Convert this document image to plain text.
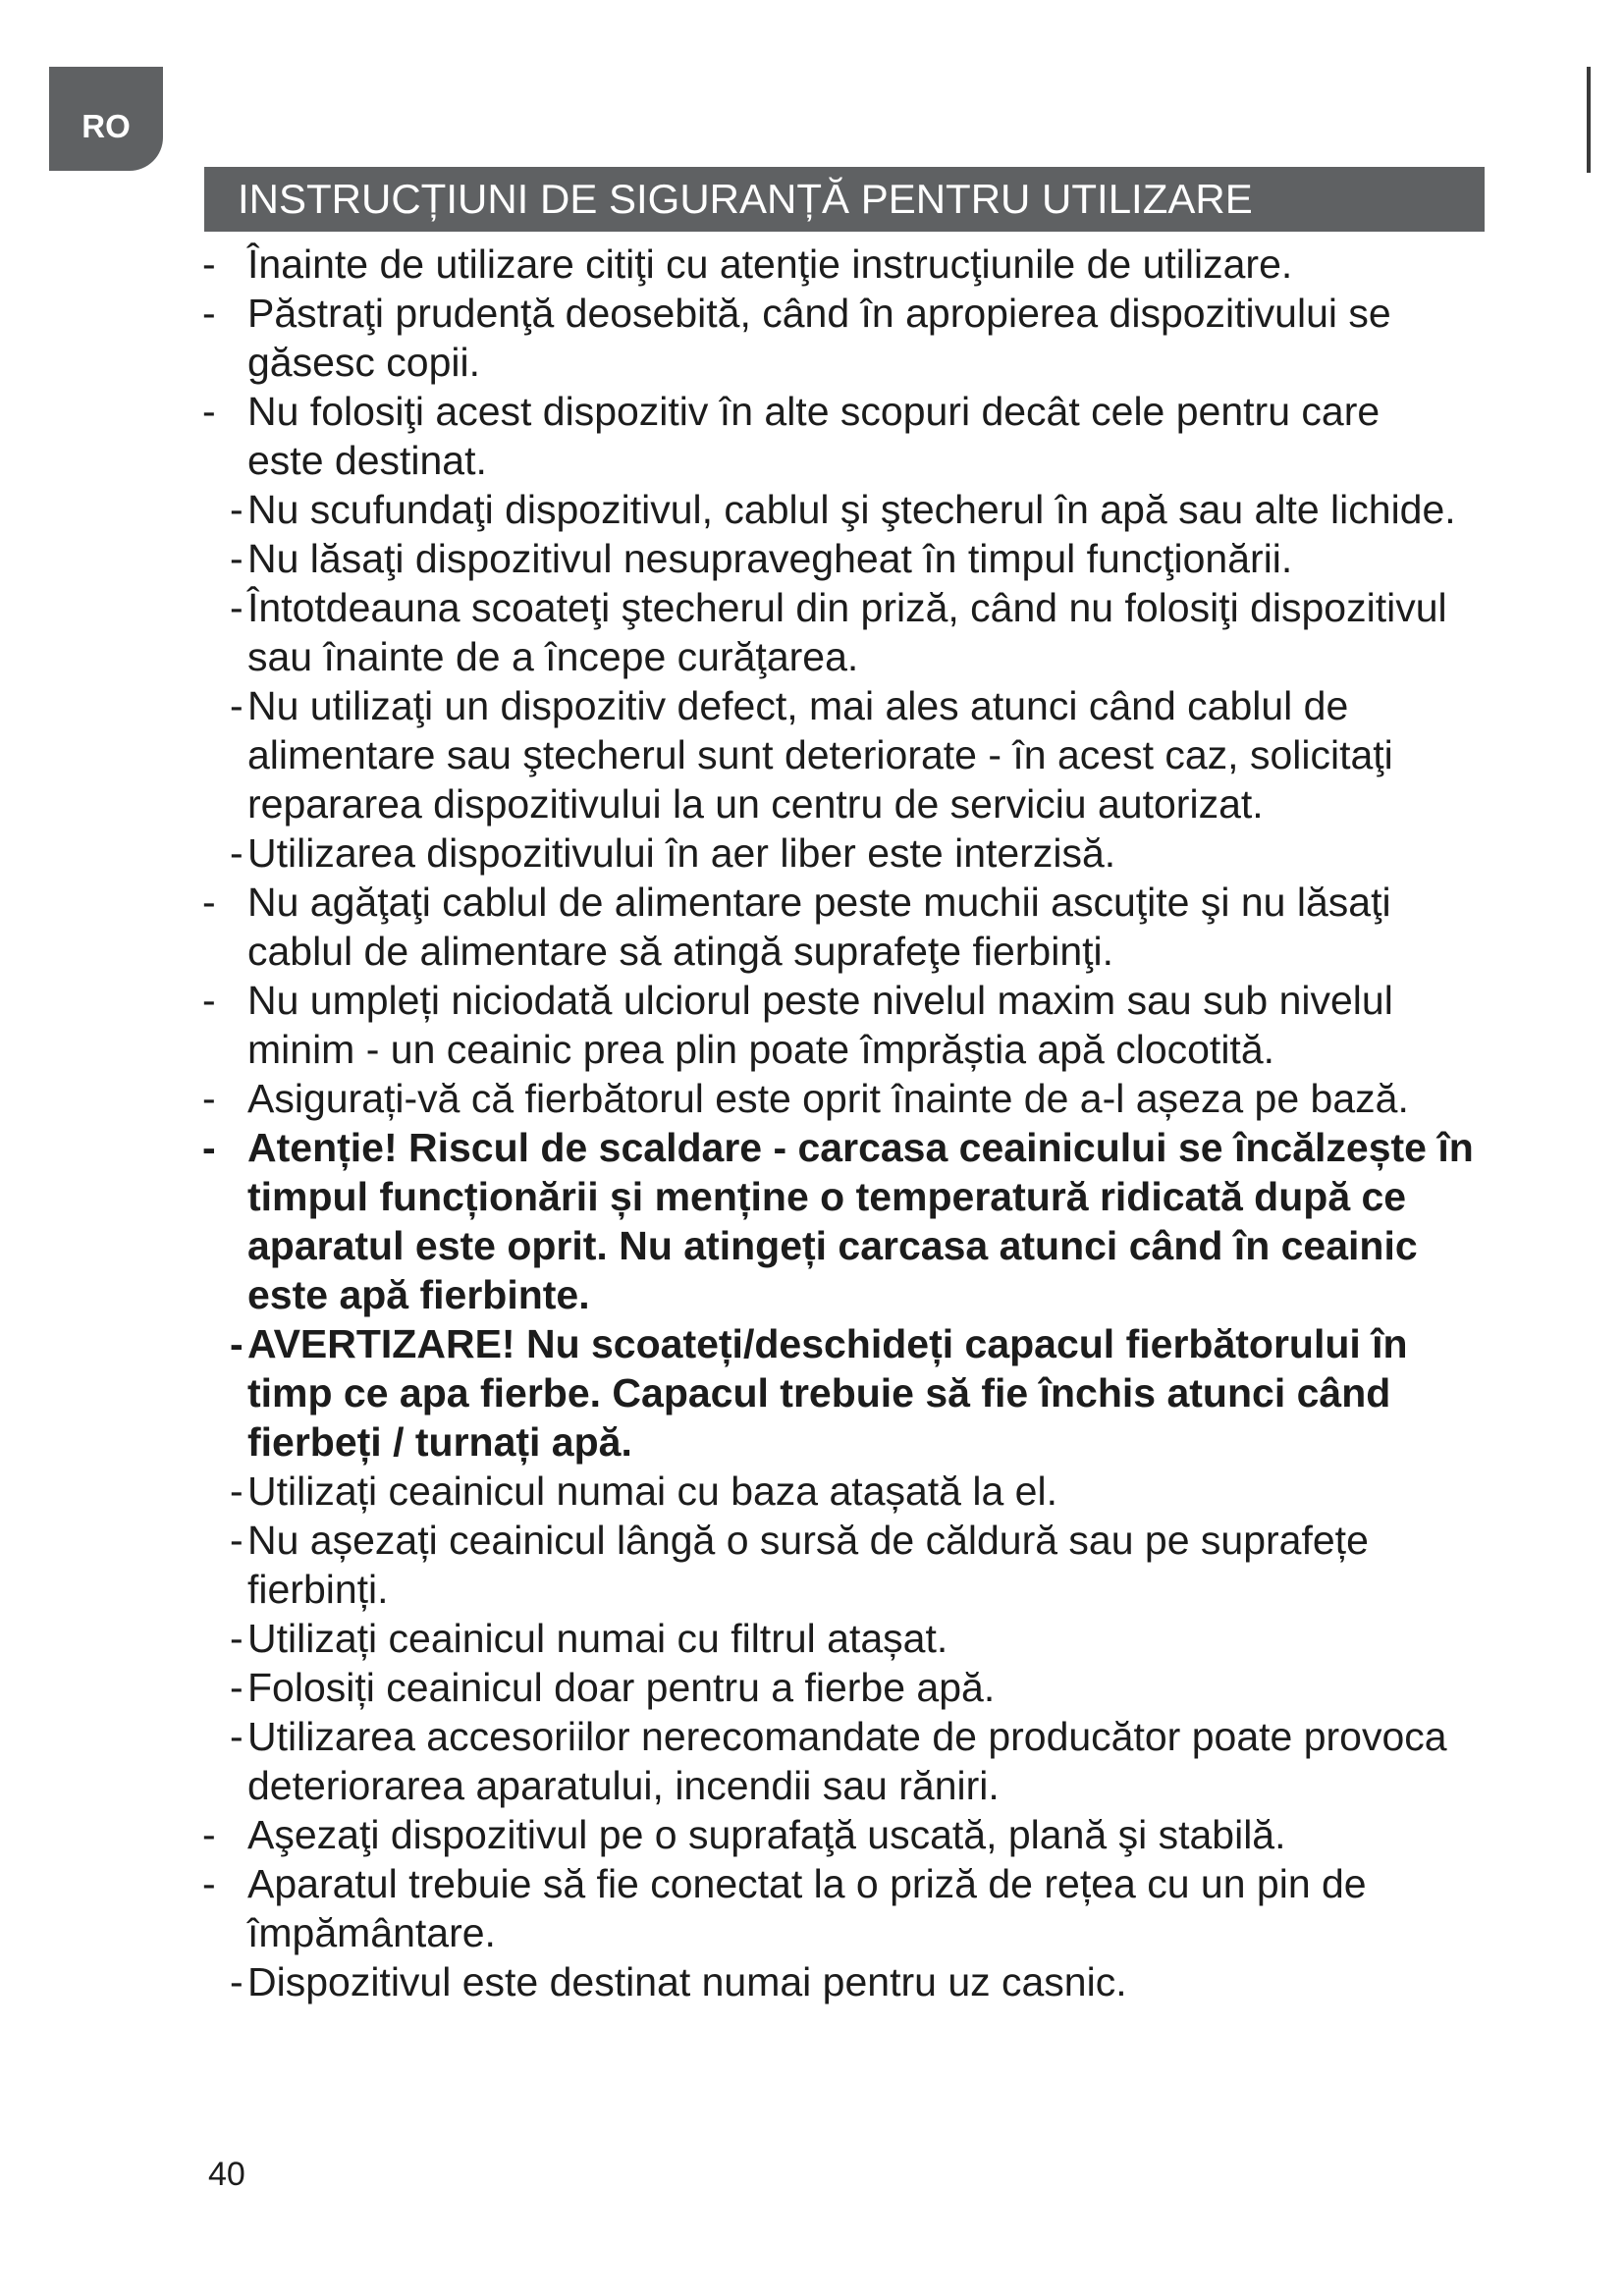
RO
INSTRUCȚIUNI DE SIGURANȚĂ PENTRU UTILIZARE
- Înainte de utilizare citiţi cu atenţie instrucţiunile de utilizare.
- Păstraţi prudenţă deosebită, când în apropierea dispozitivului se
găsesc copii.
- Nu folosiţi acest dispozitiv în alte scopuri decât cele pentru care
este destinat.
- Nu scufundaţi dispozitivul, cablul şi ştecherul în apă sau alte lichide.
- Nu lăsaţi dispozitivul nesupravegheat în timpul funcţionării.
- Întotdeauna scoateţi ştecherul din priză, când nu folosiţi dispozitivul
sau înainte de a începe curăţarea.
- Nu utilizaţi un dispozitiv defect, mai ales atunci când cablul de
alimentare sau ştecherul sunt deteriorate - în acest caz, solicitaţi
repararea dispozitivului la un centru de serviciu autorizat.
- Utilizarea dispozitivului în aer liber este interzisă.
- Nu agăţaţi cablul de alimentare peste muchii ascuţite şi nu lăsaţi
cablul de alimentare să atingă suprafeţe fierbinţi.
- Nu umpleți niciodată ulciorul peste nivelul maxim sau sub nivelul
minim - un ceainic prea plin poate împrăștia apă clocotită.
- Asigurați-vă că fierbătorul este oprit înainte de a-l așeza pe bază.
- Atenție! Riscul de scaldare - carcasa ceainicului se încălzește în
timpul funcționării și menține o temperatură ridicată după ce
aparatul este oprit. Nu atingeți carcasa atunci când în ceainic
este apă fierbinte.
- AVERTIZARE! Nu scoateți/deschideți capacul fierbătorului în
timp ce apa fierbe. Capacul trebuie să fie închis atunci când
fierbeți / turnați apă.
- Utilizați ceainicul numai cu baza atașată la el.
- Nu așezați ceainicul lângă o sursă de căldură sau pe suprafețe
fierbinți.
- Utilizați ceainicul numai cu filtrul atașat.
- Folosiți ceainicul doar pentru a fierbe apă.
- Utilizarea accesoriilor nerecomandate de producător poate provoca
deteriorarea aparatului, incendii sau răniri.
- Aşezaţi dispozitivul pe o suprafaţă uscată, plană şi stabilă.
- Aparatul trebuie să fie conectat la o priză de rețea cu un pin de
împământare.
- Dispozitivul este destinat numai pentru uz casnic.
40
